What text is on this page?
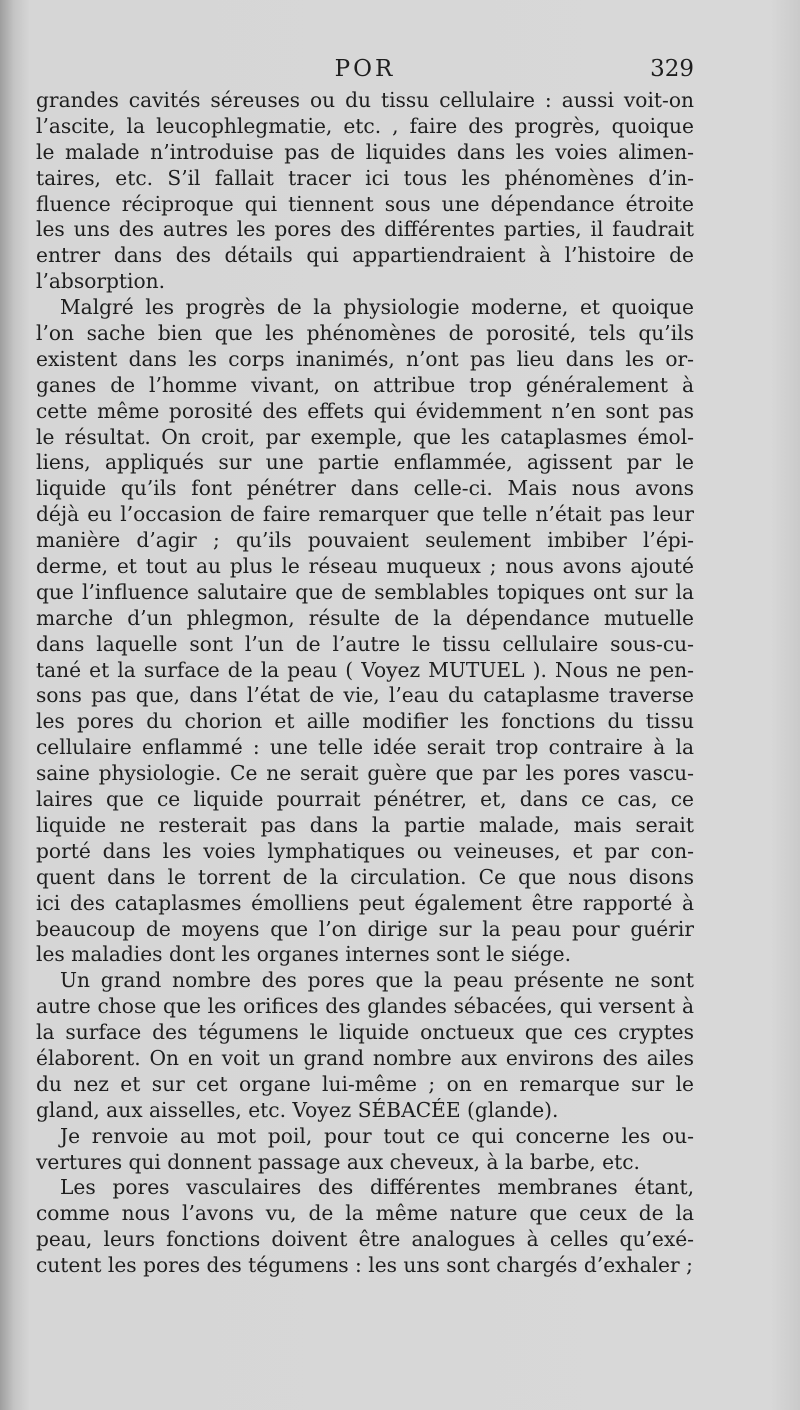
POR	329
grandes cavités séreuses ou du tissu cellulaire : aussi voit-on
l’ascite, la leucophlegmatie, etc. , faire des progrès, quoique
le malade n’introduise pas de liquides dans les voies alimen-
taires, etc. S’il fallait tracer ici tous les phénomènes d’in-
fluence réciproque qui tiennent sous une dépendance étroite
les uns des autres les pores des différentes parties, il faudrait
entrer dans des détails qui appartiendraient à l’histoire de
l’absorption.
Malgré les progrès de la physiologie moderne, et quoique
l’on sache bien que les phénomènes de porosité, tels qu’ils
existent dans les corps inanimés, n’ont pas lieu dans les or-
ganes de l’homme vivant, on attribue trop généralement à
cette même porosité des effets qui évidemment n’en sont pas
le résultat. On croit, par exemple, que les cataplasmes émol-
liens, appliqués sur une partie enflammée, agissent par le
liquide qu’ils font pénétrer dans celle-ci. Mais nous avons
déjà eu l’occasion de faire remarquer que telle n’était pas leur
manière d’agir ; qu’ils pouvaient seulement imbiber l’épi-
derme, et tout au plus le réseau muqueux ; nous avons ajouté
que l’influence salutaire que de semblables topiques ont sur la
marche d’un phlegmon, résulte de la dépendance mutuelle
dans laquelle sont l’un de l’autre le tissu cellulaire sous-cu-
tané et la surface de la peau ( Voyez MUTUEL ). Nous ne pen-
sons pas que, dans l’état de vie, l’eau du cataplasme traverse
les pores du chorion et aille modifier les fonctions du tissu
cellulaire enflammé : une telle idée serait trop contraire à la
saine physiologie. Ce ne serait guère que par les pores vascu-
laires que ce liquide pourrait pénétrer, et, dans ce cas, ce
liquide ne resterait pas dans la partie malade, mais serait
porté dans les voies lymphatiques ou veineuses, et par con-
quent dans le torrent de la circulation. Ce que nous disons
ici des cataplasmes émolliens peut également être rapporté à
beaucoup de moyens que l’on dirige sur la peau pour guérir
les maladies dont les organes internes sont le siége.
Un grand nombre des pores que la peau présente ne sont
autre chose que les orifices des glandes sébacées, qui versent à
la surface des tégumens le liquide onctueux que ces cryptes
élaborent. On en voit un grand nombre aux environs des ailes
du nez et sur cet organe lui-même ; on en remarque sur le
gland, aux aisselles, etc. Voyez SÉBACÉE (glande).
Je renvoie au mot poil, pour tout ce qui concerne les ou-
vertures qui donnent passage aux cheveux, à la barbe, etc.
Les pores vasculaires des différentes membranes étant,
comme nous l’avons vu, de la même nature que ceux de la
peau, leurs fonctions doivent être analogues à celles qu’exé-
cutent les pores des tégumens : les uns sont chargés d’exhaler ;
